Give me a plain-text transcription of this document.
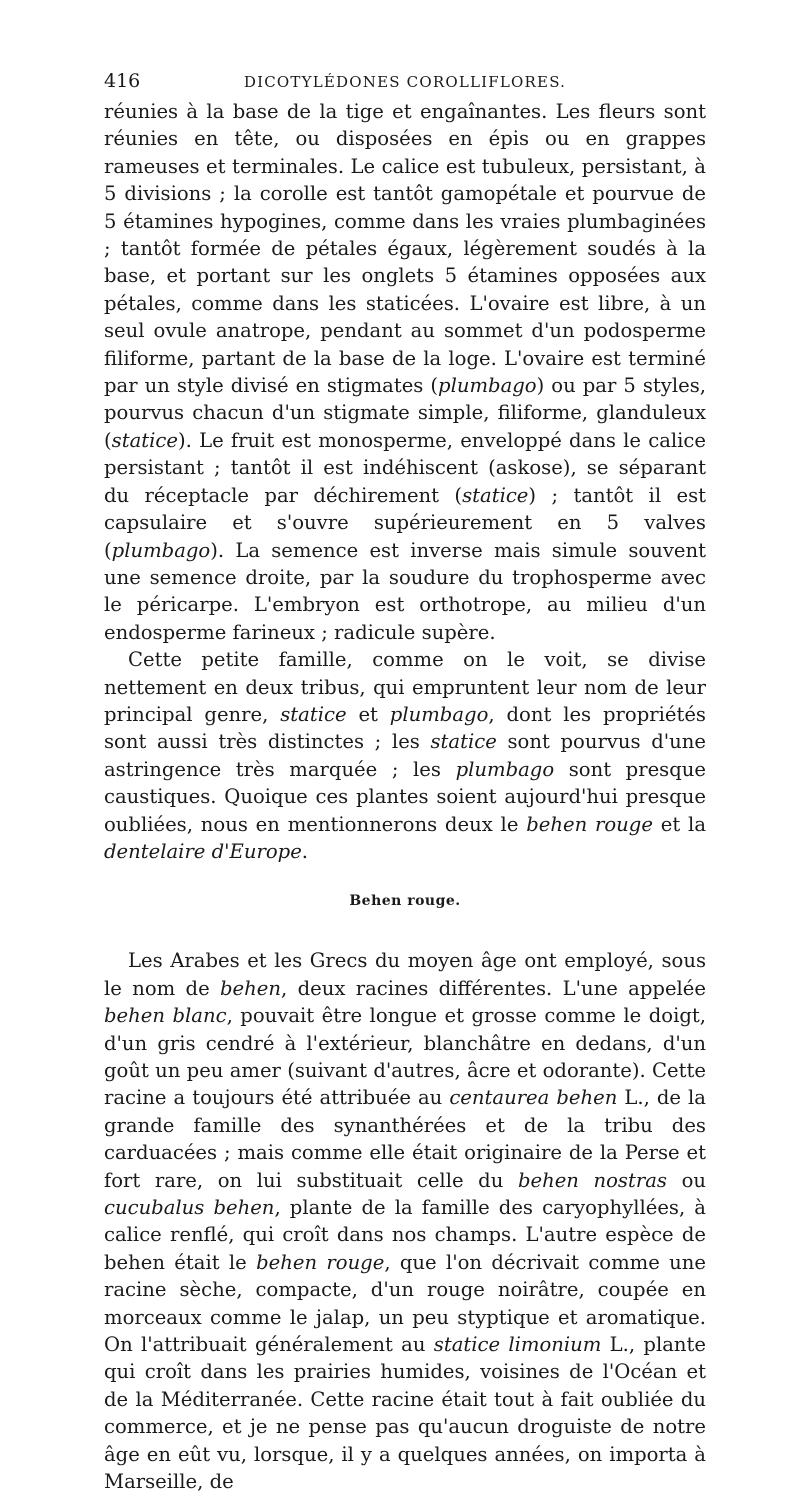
416	DICOTYLÉDONES COROLLIFLORES.

réunies à la base de la tige et engaînantes. Les fleurs sont réunies en tête, ou disposées en épis ou en grappes rameuses et terminales. Le calice est tubuleux, persistant, à 5 divisions ; la corolle est tantôt gamopétale et pourvue de 5 étamines hypogines, comme dans les vraies plumbaginées ; tantôt formée de pétales égaux, légèrement soudés à la base, et portant sur les onglets 5 étamines opposées aux pétales, comme dans les staticées. L'ovaire est libre, à un seul ovule anatrope, pendant au sommet d'un podosperme filiforme, partant de la base de la loge. L'ovaire est terminé par un style divisé en stigmates (plumbago) ou par 5 styles, pourvus chacun d'un stigmate simple, filiforme, glanduleux (statice). Le fruit est monosperme, enveloppé dans le calice persistant ; tantôt il est indéhiscent (askose), se séparant du réceptacle par déchirement (statice) ; tantôt il est capsulaire et s'ouvre supérieurement en 5 valves (plumbago). La semence est inverse mais simule souvent une semence droite, par la soudure du trophosperme avec le péricarpe. L'embryon est orthotrope, au milieu d'un endosperme farineux ; radicule supère.

Cette petite famille, comme on le voit, se divise nettement en deux tribus, qui empruntent leur nom de leur principal genre, statice et plumbago, dont les propriétés sont aussi très distinctes ; les statice sont pourvus d'une astringence très marquée ; les plumbago sont presque caustiques. Quoique ces plantes soient aujourd'hui presque oubliées, nous en mentionnerons deux le behen rouge et la dentelaire d'Europe.

Behen rouge.

Les Arabes et les Grecs du moyen âge ont employé, sous le nom de behen, deux racines différentes. L'une appelée behen blanc, pouvait être longue et grosse comme le doigt, d'un gris cendré à l'extérieur, blanchâtre en dedans, d'un goût un peu amer (suivant d'autres, âcre et odorante). Cette racine a toujours été attribuée au centaurea behen L., de la grande famille des synanthérées et de la tribu des carduacées ; mais comme elle était originaire de la Perse et fort rare, on lui substituait celle du behen nostras ou cucubalus behen, plante de la famille des caryophyllées, à calice renflé, qui croît dans nos champs. L'autre espèce de behen était le behen rouge, que l'on décrivait comme une racine sèche, compacte, d'un rouge noirâtre, coupée en morceaux comme le jalap, un peu styptique et aromatique. On l'attribuait généralement au statice limonium L., plante qui croît dans les prairies humides, voisines de l'Océan et de la Méditerranée. Cette racine était tout à fait oubliée du commerce, et je ne pense pas qu'aucun droguiste de notre âge en eût vu, lorsque, il y a quelques années, on importa à Marseille, de
